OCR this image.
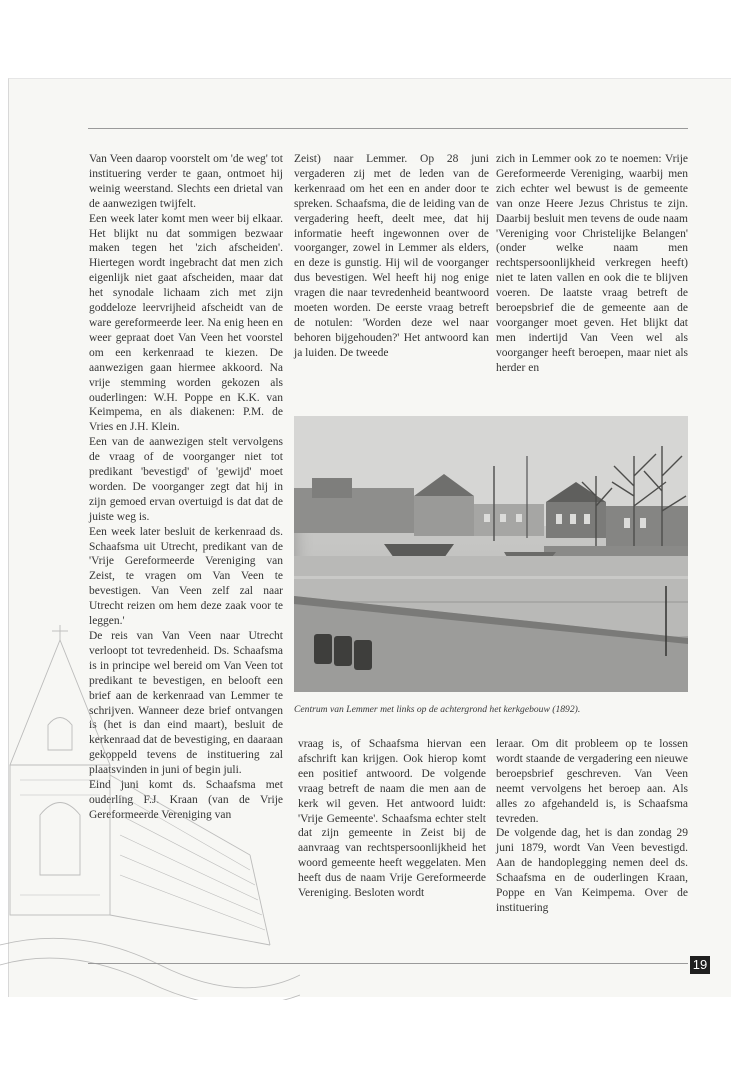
Van Veen daarop voorstelt om 'de weg' tot instituering verder te gaan, ontmoet hij weinig weerstand. Slechts een drietal van de aanwezigen twijfelt.
Een week later komt men weer bij elkaar. Het blijkt nu dat sommigen bezwaar maken tegen het 'zich afscheiden'. Hiertegen wordt ingebracht dat men zich eigenlijk niet gaat afscheiden, maar dat het synodale lichaam zich met zijn goddeloze leervrijheid afscheidt van de ware gereformeerde leer. Na enig heen en weer gepraat doet Van Veen het voorstel om een kerkenraad te kiezen. De aanwezigen gaan hiermee akkoord. Na vrije stemming worden gekozen als ouderlingen: W.H. Poppe en K.K. van Keimpema, en als diakenen: P.M. de Vries en J.H. Klein.
Een van de aanwezigen stelt vervolgens de vraag of de voorganger niet tot predikant 'bevestigd' of 'gewijd' moet worden. De voorganger zegt dat hij in zijn gemoed ervan overtuigd is dat dat de juiste weg is.
Een week later besluit de kerkenraad ds. Schaafsma uit Utrecht, predikant van de 'Vrije Gereformeerde Vereniging van Zeist, te vragen om Van Veen te bevestigen. Van Veen zelf zal naar Utrecht reizen om hem deze zaak voor te leggen.'
De reis van Van Veen naar Utrecht verloopt tot tevredenheid. Ds. Schaafsma is in principe wel bereid om Van Veen tot predikant te bevestigen, en belooft een brief aan de kerkenraad van Lemmer te schrijven. Wanneer deze brief ontvangen is (het is dan eind maart), besluit de kerkenraad dat de bevestiging, en daaraan gekoppeld tevens de instituering zal plaatsvinden in juni of begin juli.
Eind juni komt ds. Schaafsma met ouderling F.J. Kraan (van de Vrije Gereformeerde Vereniging van

Zeist) naar Lemmer. Op 28 juni vergaderen zij met de leden van de kerkenraad om het een en ander door te spreken. Schaafsma, die de leiding van de vergadering heeft, deelt mee, dat hij informatie heeft ingewonnen over de voorganger, zowel in Lemmer als elders, en deze is gunstig. Hij wil de voorganger dus bevestigen. Wel heeft hij nog enige vragen die naar tevredenheid beantwoord moeten worden. De eerste vraag betreft de notulen: 'Worden deze wel naar behoren bijgehouden?' Het antwoord kan ja luiden. De tweede

zich in Lemmer ook zo te noemen: Vrije Gereformeerde Vereniging, waarbij men zich echter wel bewust is de gemeente van onze Heere Jezus Christus te zijn. Daarbij besluit men tevens de oude naam 'Vereniging voor Christelijke Belangen' (onder welke naam men rechtspersoonlijkheid verkregen heeft) niet te laten vallen en ook die te blijven voeren. De laatste vraag betreft de beroepsbrief die de gemeente aan de voorganger moet geven. Het blijkt dat men indertijd Van Veen wel als voorganger heeft beroepen, maar niet als herder en

Centrum van Lemmer met links op de achtergrond het kerkgebouw (1892).

vraag is, of Schaafsma hiervan een afschrift kan krijgen. Ook hierop komt een positief antwoord. De volgende vraag betreft de naam die men aan de kerk wil geven. Het antwoord luidt: 'Vrije Gemeente'. Schaafsma echter stelt dat zijn gemeente in Zeist bij de aanvraag van rechtspersoonlijkheid het woord gemeente heeft weggelaten. Men heeft dus de naam Vrije Gereformeerde Vereniging. Besloten wordt

leraar. Om dit probleem op te lossen wordt staande de vergadering een nieuwe beroepsbrief geschreven. Van Veen neemt vervolgens het beroep aan. Als alles zo afgehandeld is, is Schaafsma tevreden.
De volgende dag, het is dan zondag 29 juni 1879, wordt Van Veen bevestigd. Aan de handoplegging nemen deel ds. Schaafsma en de ouderlingen Kraan, Poppe en Van Keimpema. Over de instituering

19
